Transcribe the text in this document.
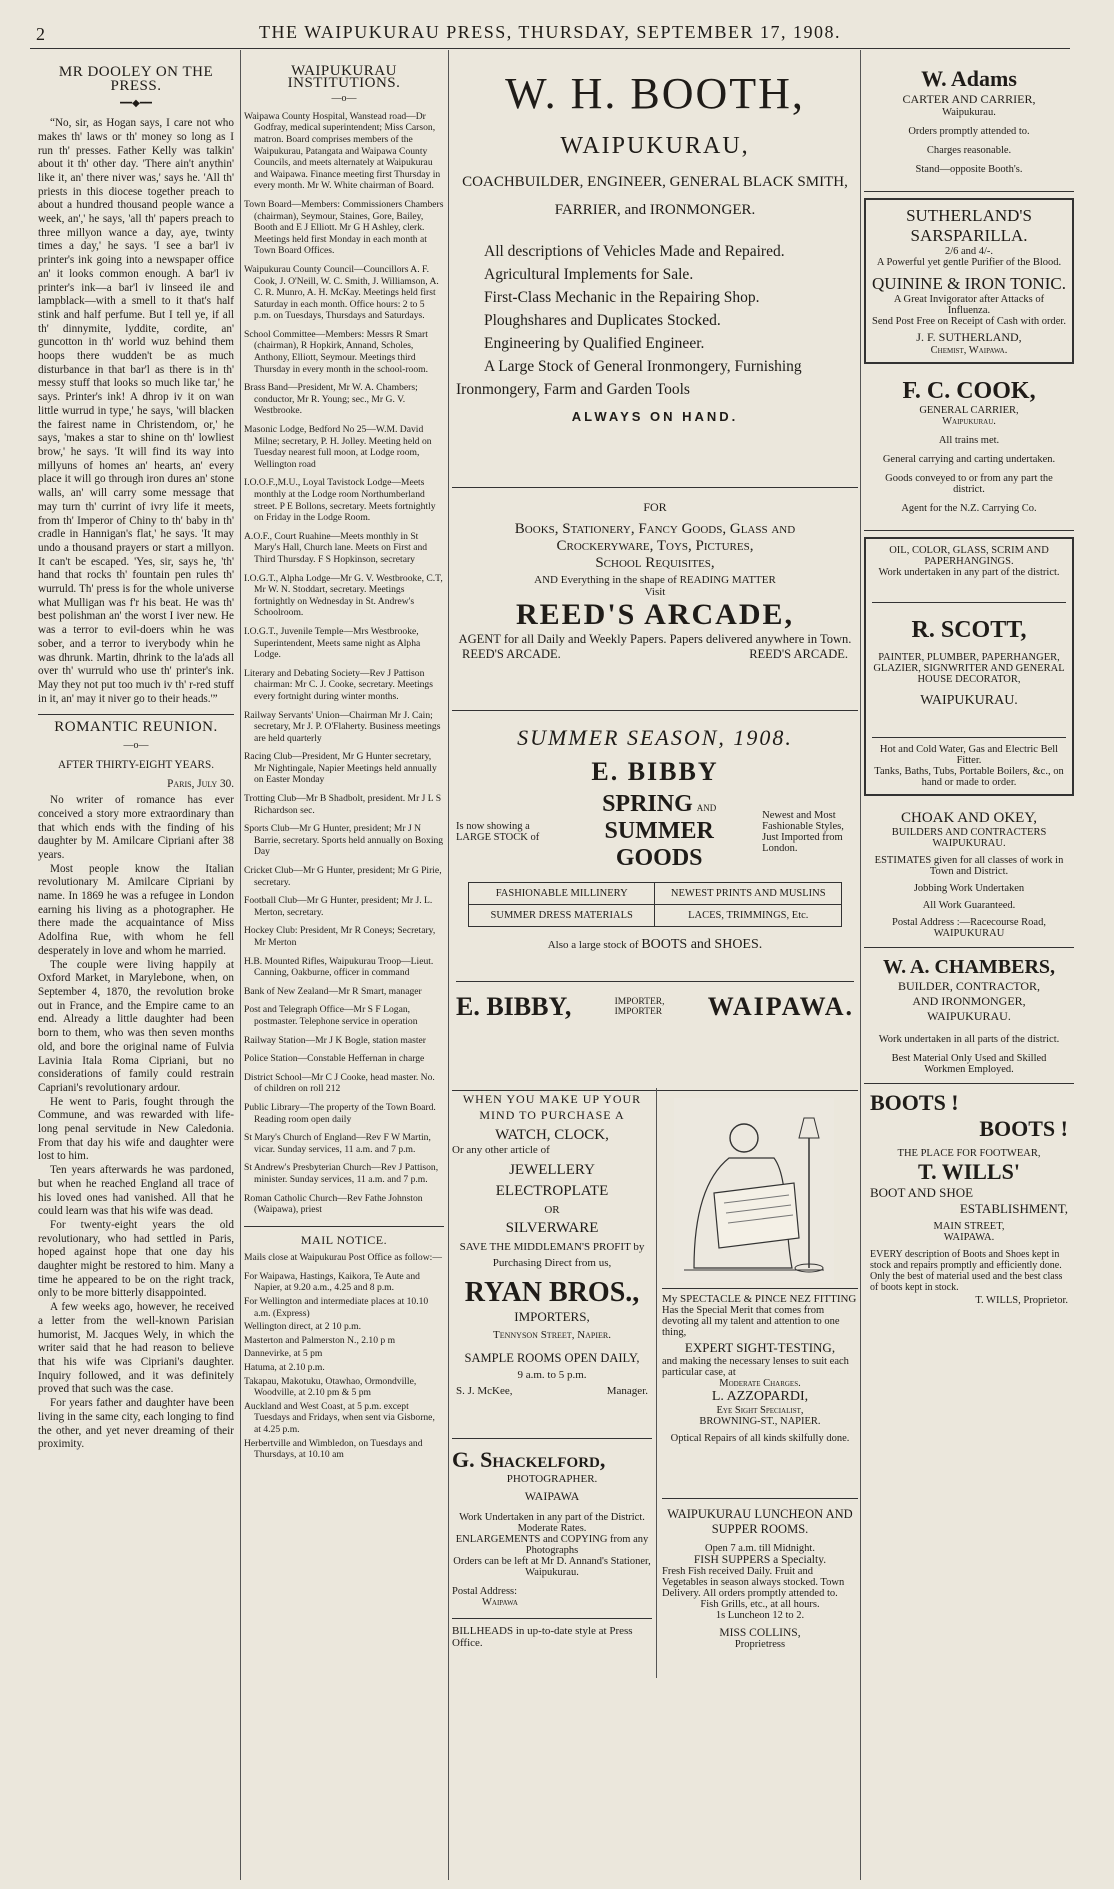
2	THE WAIPUKURAU PRESS, THURSDAY, SEPTEMBER 17, 1908.
MR DOOLEY ON THE PRESS.
━━◆━━

“No, sir, as Hogan says, I care not who makes th' laws or th' money so long as I run th' presses. Father Kelly was talkin' about it th' other day. 'There ain't anythin' like it, an' there niver was,' says he. 'All th' priests in this diocese together preach to about a hundred thousand people wance a week, an',' he says, 'all th' papers preach to three millyon wance a day, aye, twinty times a day,' he says. 'I see a bar'l iv printer's ink going into a newspaper office an' it looks common enough. A bar'l iv printer's ink—a bar'l iv linseed ile and lampblack—with a smell to it that's half stink and half perfume. But I tell ye, if all th' dinnymite, lyddite, cordite, an' guncotton in th' world wuz behind them hoops there wudden't be as much disturbance in that bar'l as there is in th' messy stuff that looks so much like tar,' he says. Printer's ink! A dhrop iv it on wan little wurrud in type,' he says, 'will blacken the fairest name in Christendom, or,' he says, 'makes a star to shine on th' lowliest brow,' he says. 'It will find its way into millyuns of homes an' hearts, an' every place it will go through iron dures an' stone walls, an' will carry some message that may turn th' currint of ivry life it meets, from th' Imperor of Chiny to th' baby in th' cradle in Hannigan's flat,' he says. 'It may undo a thousand prayers or start a millyon. It can't be escaped. 'Yes, sir, says he, 'th' hand that rocks th' fountain pen rules th' wurruld. Th' press is for the whole universe what Mulligan was f'r his beat. He was th' best polishman an' the worst I iver new. He was a terror to evil-doers whin he was sober, and a terror to iverybody whin he was dhrunk. Martin, dhrink to the la'ads all over th' wurruld who use th' printer's ink. May they not put too much iv th' r-red stuff in it, an' may it niver go to their heads.'”

ROMANTIC REUNION.
—o—
AFTER THIRTY-EIGHT YEARS.
Paris, July 30.

No writer of romance has ever conceived a story more extraordinary than that which ends with the finding of his daughter by M. Amilcare Cipriani after 38 years.

Most people know the Italian revolutionary M. Amilcare Cipriani by name. In 1869 he was a refugee in London earning his living as a photographer. He there made the acquaintance of Miss Adolfina Rue, with whom he fell desperately in love and whom he married.

The couple were living happily at Oxford Market, in Marylebone, when, on September 4, 1870, the revolution broke out in France, and the Empire came to an end. Already a little daughter had been born to them, who was then seven months old, and bore the original name of Fulvia Lavinia Itala Roma Cipriani, but no considerations of family could restrain Capriani's revolutionary ardour.

He went to Paris, fought through the Commune, and was rewarded with life-long penal servitude in New Caledonia. From that day his wife and daughter were lost to him.

Ten years afterwards he was pardoned, but when he reached England all trace of his loved ones had vanished. All that he could learn was that his wife was dead.

For twenty-eight years the old revolutionary, who had settled in Paris, hoped against hope that one day his daughter might be restored to him. Many a time he appeared to be on the right track, only to be more bitterly disappointed.

A few weeks ago, however, he received a letter from the well-known Parisian humorist, M. Jacques Wely, in which the writer said that he had reason to believe that his wife was Cipriani's daughter. Inquiry followed, and it was definitely proved that such was the case.

For years father and daughter have been living in the same city, each longing to find the other, and yet never dreaming of their proximity.

WAIPUKURAU INSTITUTIONS.
—o—

Waipawa County Hospital, Wanstead road—Dr Godfray, medical superintendent; Miss Carson, matron. Board comprises members of the Waipukurau, Patangata and Waipawa County Councils, and meets alternately at Waipukurau and Waipawa. Finance meeting first Thursday in every month. Mr W. White chairman of Board.

Town Board—Members: Commissioners Chambers (chairman), Seymour, Staines, Gore, Bailey, Booth and E J Elliott. Mr G H Ashley, clerk. Meetings held first Monday in each month at Town Board Offices.

Waipukurau County Council—Councillors A. F. Cook, J. O'Neill, W. C. Smith, J. Williamson, A. C. R. Munro, A. H. McKay. Meetings held first Saturday in each month. Office hours: 2 to 5 p.m. on Tuesdays, Thursdays and Saturdays.

School Committee—Members: Messrs R Smart (chairman), R Hopkirk, Annand, Scholes, Anthony, Elliott, Seymour. Meetings third Thursday in every month in the school-room.

Brass Band—President, Mr W. A. Chambers; conductor, Mr R. Young; sec., Mr G. V. Westbrooke.

Masonic Lodge, Bedford No 25—W.M. David Milne; secretary, P. H. Jolley. Meeting held on Tuesday nearest full moon, at Lodge room, Wellington road

I.O.O.F.,M.U., Loyal Tavistock Lodge—Meets monthly at the Lodge room Northumberland street. P E Bollons, secretary. Meets fortnightly on Friday in the Lodge Room.

A.O.F., Court Ruahine—Meets monthly in St Mary's Hall, Church lane. Meets on First and Third Thursday. F S Hopkinson, secretary

I.O.G.T., Alpha Lodge—Mr G. V. Westbrooke, C.T, Mr W. N. Stoddart, secretary. Meetings fortnightly on Wednesday in St. Andrew's Schoolroom.

I.O.G.T., Juvenile Temple—Mrs Westbrooke, Superintendent, Meets same night as Alpha Lodge.

Literary and Debating Society—Rev J Pattison chairman: Mr C. J. Cooke, secretary. Meetings every fortnight during winter months.

Railway Servants' Union—Chairman Mr J. Cain; secretary, Mr J. P. O'Flaherty. Business meetings are held quarterly

Racing Club—President, Mr G Hunter secretary, Mr Nightingale, Napier Meetings held annually on Easter Monday

Trotting Club—Mr B Shadbolt, president. Mr J L S Richardson sec.

Sports Club—Mr G Hunter, president; Mr J N Barrie, secretary. Sports held annually on Boxing Day

Cricket Club—Mr G Hunter, president; Mr G Pirie, secretary.

Football Club—Mr G Hunter, president; Mr J. L. Merton, secretary.

Hockey Club: President, Mr R Coneys; Secretary, Mr Merton

H.B. Mounted Rifles, Waipukurau Troop—Lieut. Canning, Oakburne, officer in command

Bank of New Zealand—Mr R Smart, manager

Post and Telegraph Office—Mr S F Logan, postmaster. Telephone service in operation

Railway Station—Mr J K Bogle, station master

Police Station—Constable Heffernan in charge

District School—Mr C J Cooke, head master. No. of children on roll 212

Public Library—The property of the Town Board. Reading room open daily

St Mary's Church of England—Rev F W Martin, vicar. Sunday services, 11 a.m. and 7 p.m.

St Andrew's Presbyterian Church—Rev J Pattison, minister. Sunday services, 11 a.m. and 7 p.m.

Roman Catholic Church—Rev Fathe Johnston (Waipawa), priest

MAIL NOTICE.

Mails close at Waipukurau Post Office as follow:—

For Waipawa, Hastings, Kaikora, Te Aute and Napier, at 9.20 a.m., 4.25 and 8 p.m.

For Wellington and intermediate places at 10.10 a.m. (Express)

Wellington direct, at 2 10 p.m.

Masterton and Palmerston N., 2.10 p m

Dannevirke, at 5 pm

Hatuma, at 2.10 p.m.

Takapau, Makotuku, Otawhao, Ormondville, Woodville, at 2.10 pm & 5 pm

Auckland and West Coast, at 5 p.m. except Tuesdays and Fridays, when sent via Gisborne, at 4.25 p.m.

Herbertville and Wimbledon, on Tuesdays and Thursdays, at 10.10 am

W. H. BOOTH,
WAIPUKURAU,
COACHBUILDER, ENGINEER, GENERAL BLACK SMITH, FARRIER, and IRONMONGER.
All descriptions of Vehicles Made and Repaired.
Agricultural Implements for Sale.
First-Class Mechanic in the Repairing Shop.
Ploughshares and Duplicates Stocked.
Engineering by Qualified Engineer.
A Large Stock of General Ironmongery, Furnishing Ironmongery, Farm and Garden Tools
ALWAYS ON HAND.
FOR
Books, Stationery, Fancy Goods, Glass and
Crockeryware, Toys, Pictures,
School Requisites,
AND Everything in the shape of READING MATTER
Visit
REED'S ARCADE,
AGENT for all Daily and Weekly Papers. Papers delivered anywhere in Town.
REED'S ARCADE.	REED'S ARCADE.
SUMMER SEASON, 1908.
E. BIBBY
Is now showing a LARGE STOCK of
SPRING AND SUMMER
GOODS
Newest and Most Fashionable Styles, Just Imported from London.
FASHIONABLE MILLINERY	NEWEST PRINTS AND MUSLINS
SUMMER DRESS MATERIALS	LACES, TRIMMINGS, Etc.
Also a large stock of BOOTS and SHOES.
E. BIBBY,	IMPORTER,
IMPORTER WAIPAWA.
WHEN YOU MAKE UP YOUR MIND TO PURCHASE A
WATCH, CLOCK,
Or any other article of
JEWELLERY
ELECTROPLATE
OR
SILVERWARE
SAVE THE MIDDLEMAN'S PROFIT by
Purchasing Direct from us,
RYAN BROS.,
IMPORTERS,
Tennyson Street, Napier.
SAMPLE ROOMS OPEN DAILY,
9 a.m. to 5 p.m.
S. J. McKee,	Manager.
G. Shackelford,
PHOTOGRAPHER.
WAIPAWA
Work Undertaken in any part of the District.
Moderate Rates.
ENLARGEMENTS and COPYING from any Photographs
Orders can be left at Mr D. Annand's Stationer, Waipukurau.
Postal Address:
Waipawa
BILLHEADS in up-to-date style at Press Office.
My SPECTACLE & PINCE NEZ FITTING
Has the Special Merit that comes from devoting all my talent and attention to one thing,
EXPERT SIGHT-TESTING,
and making the necessary lenses to suit each particular case, at
Moderate Charges.
L. AZZOPARDI,
Eye Sight Specialist,
BROWNING-ST., NAPIER.
Optical Repairs of all kinds skilfully done.
WAIPUKURAU LUNCHEON AND SUPPER ROOMS.
Open 7 a.m. till Midnight.
FISH SUPPERS a Specialty.
Fresh Fish received Daily. Fruit and Vegetables in season always stocked. Town Delivery. All orders promptly attended to.
Fish Grills, etc., at all hours.
1s Luncheon 12 to 2.
MISS COLLINS,
Proprietress
W. Adams
CARTER AND CARRIER,
Waipukurau.
Orders promptly attended to.
Charges reasonable.
Stand—opposite Booth's.
SUTHERLAND'S SARSPARILLA.
2/6 and 4/-.
A Powerful yet gentle Purifier of the Blood.
QUININE & IRON TONIC.
A Great Invigorator after Attacks of Influenza.
Send Post Free on Receipt of Cash with order.
J. F. SUTHERLAND,
Chemist, Waipawa.
F. C. COOK,
GENERAL CARRIER,
Waipukurau.
All trains met.
General carrying and carting undertaken.
Goods conveyed to or from any part the district.
Agent for the N.Z. Carrying Co.
OIL, COLOR, GLASS, SCRIM AND PAPERHANGINGS.
Work undertaken in any part of the district.
R. SCOTT,
PAINTER, PLUMBER, PAPERHANGER, GLAZIER, SIGNWRITER AND GENERAL HOUSE DECORATOR,
WAIPUKURAU.
Hot and Cold Water, Gas and Electric Bell Fitter.
Tanks, Baths, Tubs, Portable Boilers, &c., on hand or made to order.
CHOAK AND OKEY,
BUILDERS AND CONTRACTERS
WAIPUKURAU.
ESTIMATES given for all classes of work in Town and District.
Jobbing Work Undertaken
All Work Guaranteed.
Postal Address :—Racecourse Road,
WAIPUKURAU
W. A. CHAMBERS,
BUILDER, CONTRACTOR,
AND IRONMONGER,
WAIPUKURAU.
Work undertaken in all parts of the district.
Best Material Only Used and Skilled Workmen Employed.
BOOTS !
BOOTS !
THE PLACE FOR FOOTWEAR,
T. WILLS'
BOOT AND SHOE
ESTABLISHMENT,
MAIN STREET,
WAIPAWA.
EVERY description of Boots and Shoes kept in stock and repairs promptly and efficiently done. Only the best of material used and the best class of boots kept in stock.
T. WILLS, Proprietor.
